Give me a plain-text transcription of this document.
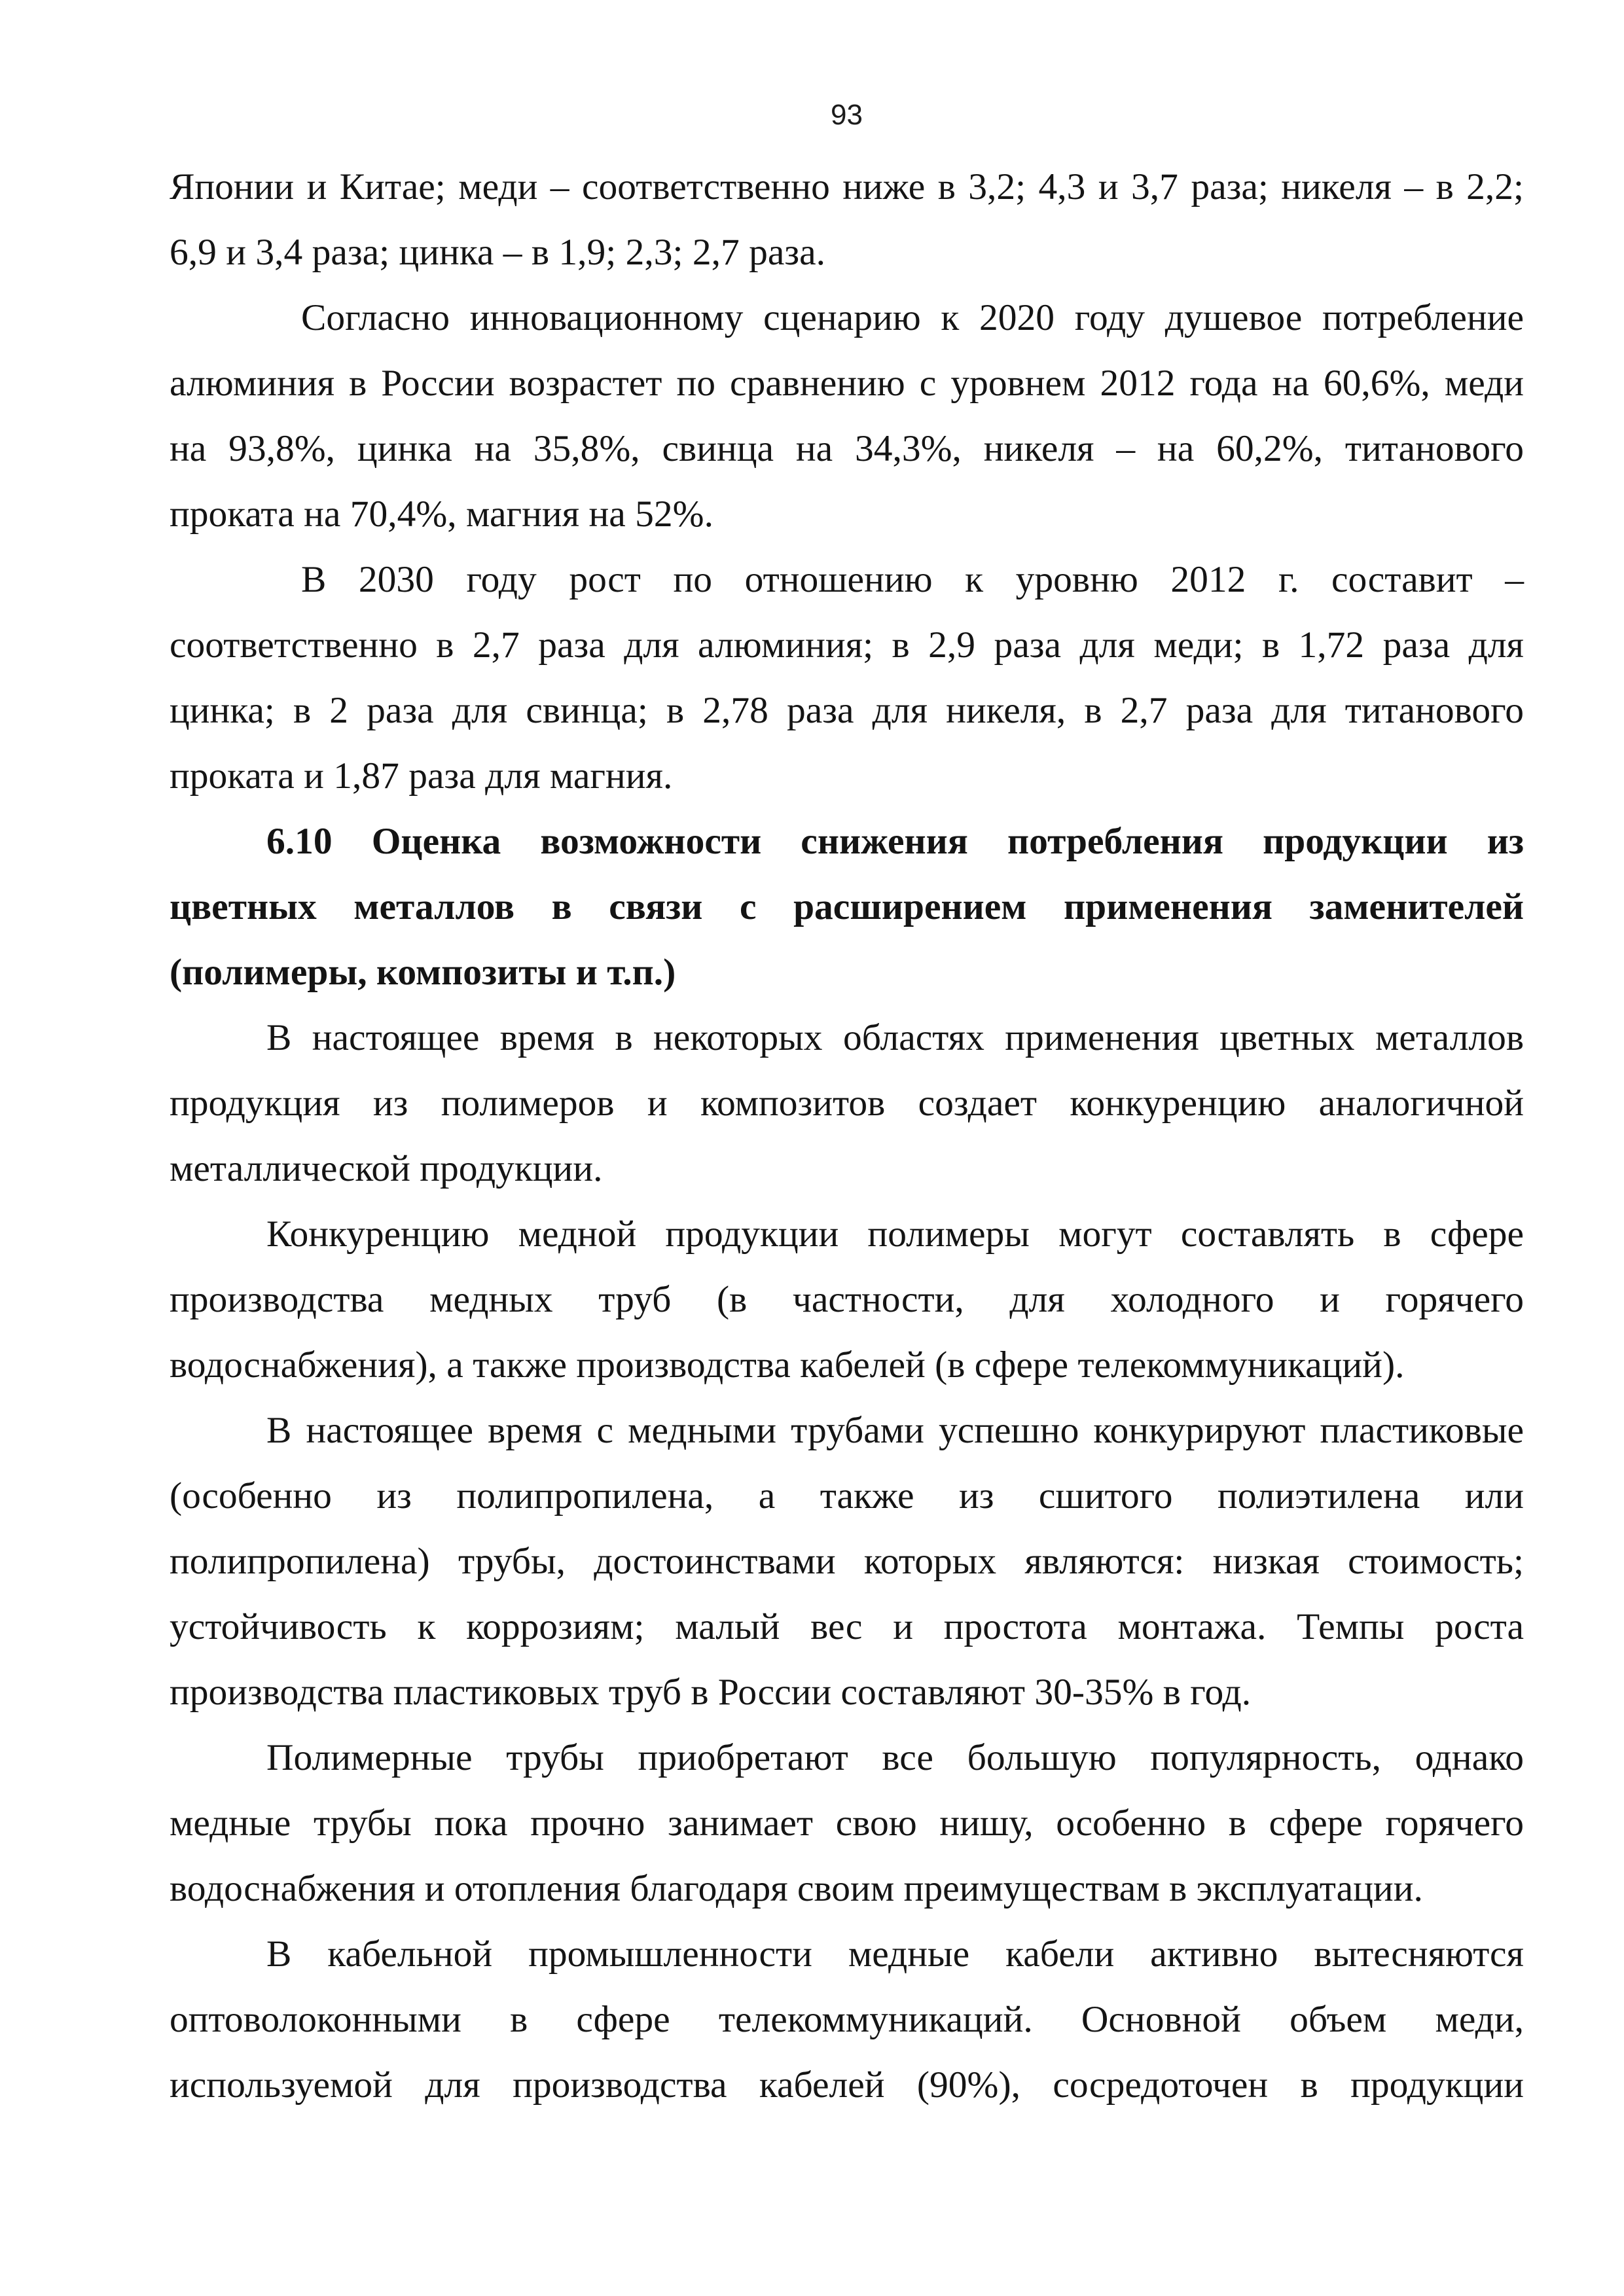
93
Японии и Китае; меди – соответственно ниже в 3,2; 4,3 и 3,7 раза; никеля – в 2,2;
6,9 и 3,4 раза; цинка – в 1,9; 2,3; 2,7 раза.
Согласно инновационному сценарию к 2020 году душевое потребление
алюминия в России возрастет по сравнению с уровнем 2012 года на 60,6%, меди
на 93,8%, цинка на 35,8%, свинца на 34,3%, никеля – на 60,2%, титанового
проката на 70,4%, магния на 52%.
В 2030 году рост по отношению к уровню 2012 г. составит –
соответственно в 2,7 раза для алюминия; в 2,9 раза для меди; в 1,72 раза для
цинка; в 2 раза для свинца; в 2,78 раза для никеля, в 2,7 раза для титанового
проката и 1,87 раза для магния.
6.10 Оценка возможности снижения потребления продукции из
цветных металлов в связи с расширением применения заменителей
(полимеры, композиты и т.п.)
В настоящее время в некоторых областях применения цветных металлов
продукция из полимеров и композитов создает конкуренцию аналогичной
металлической продукции.
Конкуренцию медной продукции полимеры могут составлять в сфере
производства медных труб (в частности, для холодного и горячего
водоснабжения), а также производства кабелей (в сфере телекоммуникаций).
В настоящее время с медными трубами успешно конкурируют пластиковые
(особенно из полипропилена, а также из сшитого полиэтилена или
полипропилена) трубы, достоинствами которых являются: низкая стоимость;
устойчивость к коррозиям; малый вес и простота монтажа. Темпы роста
производства пластиковых труб в России составляют 30-35% в год.
Полимерные трубы приобретают все большую популярность, однако
медные трубы пока прочно занимает свою нишу, особенно в сфере горячего
водоснабжения и отопления благодаря своим преимуществам в эксплуатации.
В кабельной промышленности медные кабели активно вытесняются
оптоволоконными в сфере телекоммуникаций. Основной объем меди,
используемой для производства кабелей (90%), сосредоточен в продукции
